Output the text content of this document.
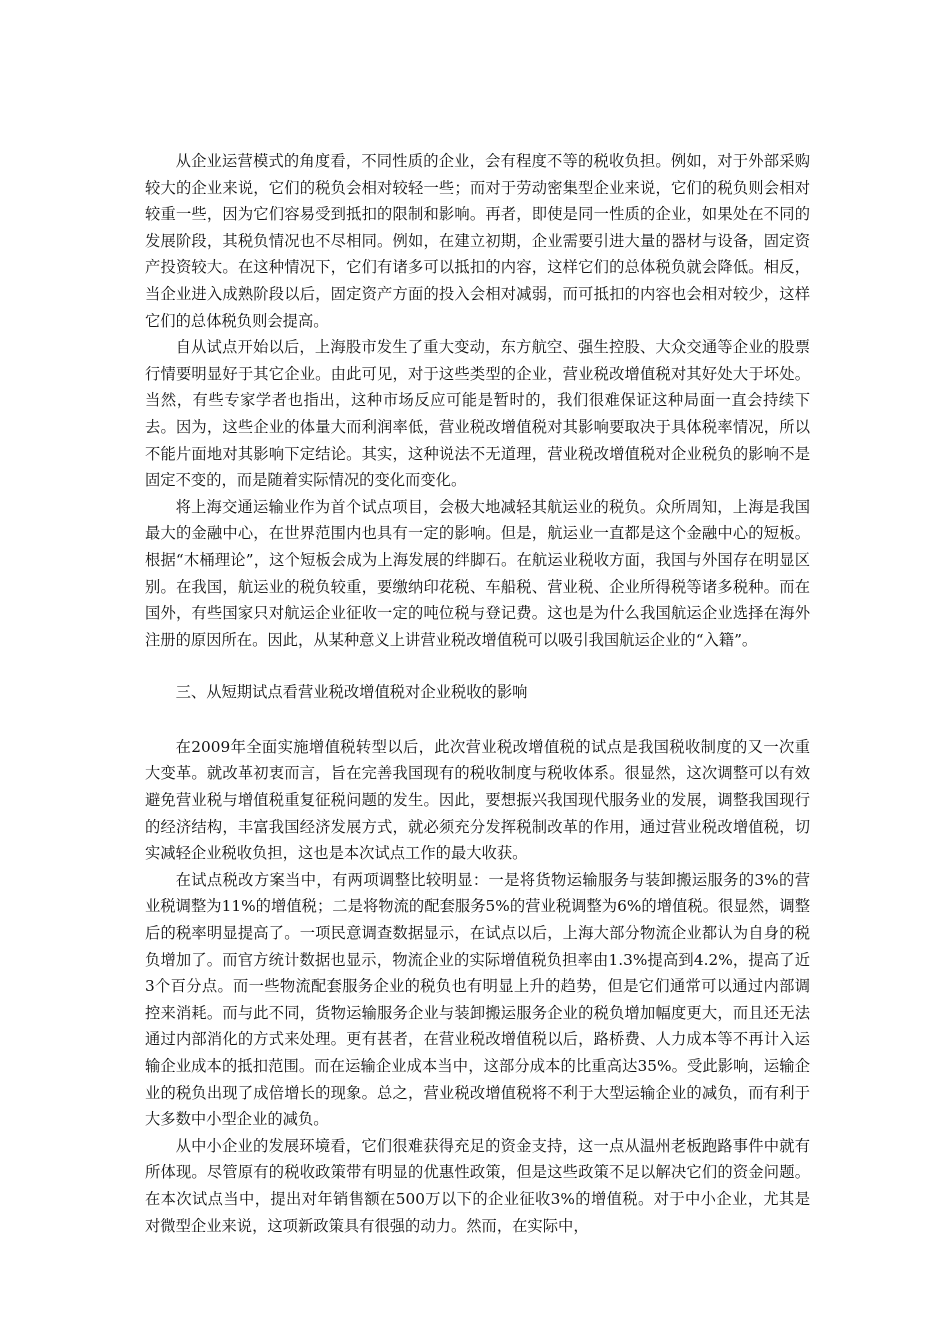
从企业运营模式的角度看，不同性质的企业，会有程度不等的税收负担。例如，对于外部采购较大的企业来说，它们的税负会相对较轻一些；而对于劳动密集型企业来说，它们的税负则会相对较重一些，因为它们容易受到抵扣的限制和影响。再者，即使是同一性质的企业，如果处在不同的发展阶段，其税负情况也不尽相同。例如，在建立初期，企业需要引进大量的器材与设备，固定资产投资较大。在这种情况下，它们有诸多可以抵扣的内容，这样它们的总体税负就会降低。相反，当企业进入成熟阶段以后，固定资产方面的投入会相对减弱，而可抵扣的内容也会相对较少，这样它们的总体税负则会提高。

自从试点开始以后，上海股市发生了重大变动，东方航空、强生控股、大众交通等企业的股票行情要明显好于其它企业。由此可见，对于这些类型的企业，营业税改增值税对其好处大于坏处。当然，有些专家学者也指出，这种市场反应可能是暂时的，我们很难保证这种局面一直会持续下去。因为，这些企业的体量大而利润率低，营业税改增值税对其影响要取决于具体税率情况，所以不能片面地对其影响下定结论。其实，这种说法不无道理，营业税改增值税对企业税负的影响不是固定不变的，而是随着实际情况的变化而变化。

将上海交通运输业作为首个试点项目，会极大地减轻其航运业的税负。众所周知，上海是我国最大的金融中心，在世界范围内也具有一定的影响。但是，航运业一直都是这个金融中心的短板。根据“木桶理论”，这个短板会成为上海发展的绊脚石。在航运业税收方面，我国与外国存在明显区别。在我国，航运业的税负较重，要缴纳印花税、车船税、营业税、企业所得税等诸多税种。而在国外，有些国家只对航运企业征收一定的吨位税与登记费。这也是为什么我国航运企业选择在海外注册的原因所在。因此，从某种意义上讲营业税改增值税可以吸引我国航运企业的“入籍”。

三、从短期试点看营业税改增值税对企业税收的影响

在2009年全面实施增值税转型以后，此次营业税改增值税的试点是我国税收制度的又一次重大变革。就改革初衷而言，旨在完善我国现有的税收制度与税收体系。很显然，这次调整可以有效避免营业税与增值税重复征税问题的发生。因此，要想振兴我国现代服务业的发展，调整我国现行的经济结构，丰富我国经济发展方式，就必须充分发挥税制改革的作用，通过营业税改增值税，切实减轻企业税收负担，这也是本次试点工作的最大收获。

在试点税改方案当中，有两项调整比较明显：一是将货物运输服务与装卸搬运服务的3%的营业税调整为11%的增值税；二是将物流的配套服务5%的营业税调整为6%的增值税。很显然，调整后的税率明显提高了。一项民意调查数据显示，在试点以后，上海大部分物流企业都认为自身的税负增加了。而官方统计数据也显示，物流企业的实际增值税负担率由1.3%提高到4.2%，提高了近3个百分点。而一些物流配套服务企业的税负也有明显上升的趋势，但是它们通常可以通过内部调控来消耗。而与此不同，货物运输服务企业与装卸搬运服务企业的税负增加幅度更大，而且还无法通过内部消化的方式来处理。更有甚者，在营业税改增值税以后，路桥费、人力成本等不再计入运输企业成本的抵扣范围。而在运输企业成本当中，这部分成本的比重高达35%。受此影响，运输企业的税负出现了成倍增长的现象。总之，营业税改增值税将不利于大型运输企业的减负，而有利于大多数中小型企业的减负。

从中小企业的发展环境看，它们很难获得充足的资金支持，这一点从温州老板跑路事件中就有所体现。尽管原有的税收政策带有明显的优惠性政策，但是这些政策不足以解决它们的资金问题。在本次试点当中，提出对年销售额在500万以下的企业征收3%的增值税。对于中小企业，尤其是对微型企业来说，这项新政策具有很强的动力。然而，在实际中，
